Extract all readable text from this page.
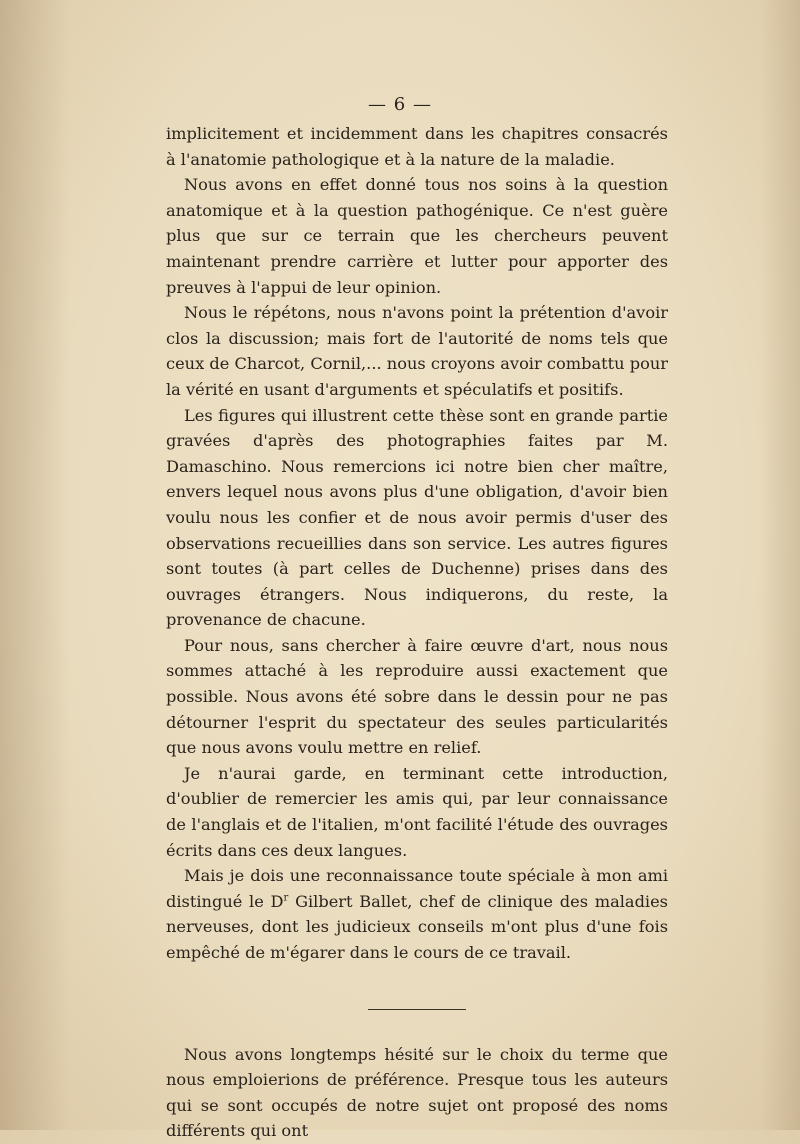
— 6 —

implicitement et incidemment dans les chapitres consacrés à l'anatomie pathologique et à la nature de la maladie.

Nous avons en effet donné tous nos soins à la question anatomique et à la question pathogénique. Ce n'est guère plus que sur ce terrain que les chercheurs peuvent maintenant prendre carrière et lutter pour apporter des preuves à l'appui de leur opinion.

Nous le répétons, nous n'avons point la prétention d'avoir clos la discussion; mais fort de l'autorité de noms tels que ceux de Charcot, Cornil,... nous croyons avoir combattu pour la vérité en usant d'arguments et spéculatifs et positifs.

Les figures qui illustrent cette thèse sont en grande partie gravées d'après des photographies faites par M. Damaschino. Nous remercions ici notre bien cher maître, envers lequel nous avons plus d'une obligation, d'avoir bien voulu nous les confier et de nous avoir permis d'user des observations recueillies dans son service. Les autres figures sont toutes (à part celles de Duchenne) prises dans des ouvrages étrangers. Nous indiquerons, du reste, la provenance de chacune.

Pour nous, sans chercher à faire œuvre d'art, nous nous sommes attaché à les reproduire aussi exactement que possible. Nous avons été sobre dans le dessin pour ne pas détourner l'esprit du spectateur des seules particularités que nous avons voulu mettre en relief.

Je n'aurai garde, en terminant cette introduction, d'oublier de remercier les amis qui, par leur connaissance de l'anglais et de l'italien, m'ont facilité l'étude des ouvrages écrits dans ces deux langues.

Mais je dois une reconnaissance toute spéciale à mon ami distingué le $D^r$ Gilbert Ballet, chef de clinique des maladies nerveuses, dont les judicieux conseils m'ont plus d'une fois empêché de m'égarer dans le cours de ce travail.

Nous avons longtemps hésité sur le choix du terme que nous emploierions de préférence. Presque tous les auteurs qui se sont occupés de notre sujet ont proposé des noms différents qui ont
